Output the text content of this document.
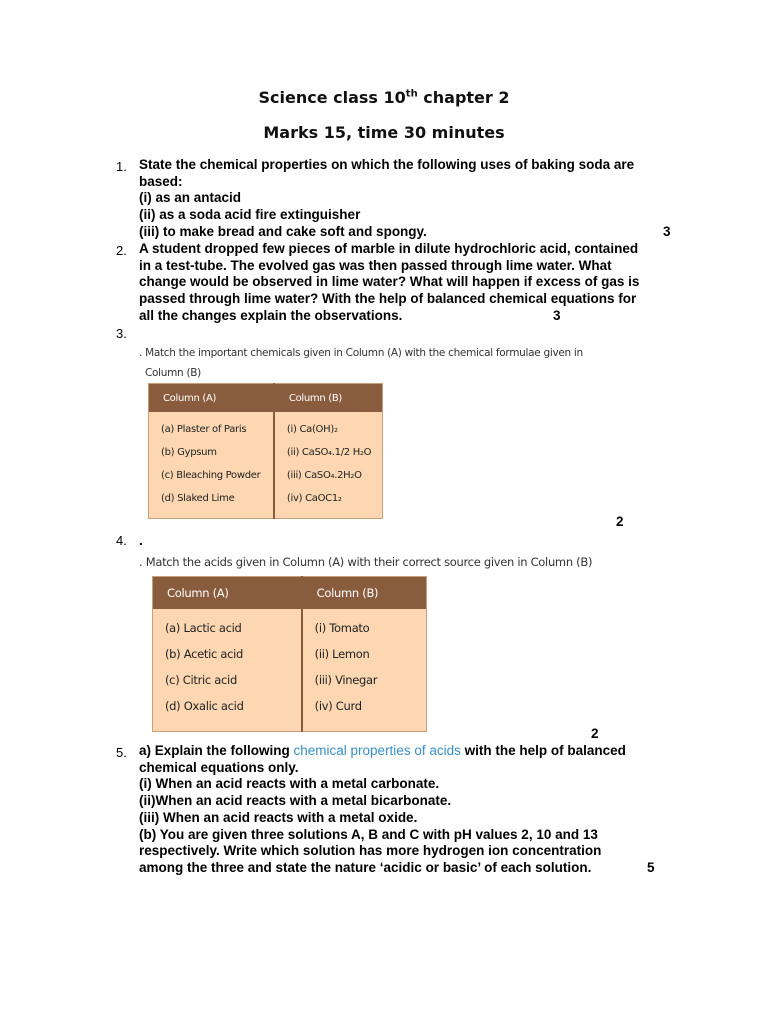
Science class 10th chapter 2
Marks 15, time 30 minutes
1. State the chemical properties on which the following uses of baking soda are
based:
(i) as an antacid
(ii) as a soda acid fire extinguisher
(iii) to make bread and cake soft and spongy.	3
2. A student dropped few pieces of marble in dilute hydrochloric acid, contained
in a test-tube. The evolved gas was then passed through lime water. What
change would be observed in lime water? What will happen if excess of gas is
passed through lime water? With the help of balanced chemical equations for
all the changes explain the observations.	3
3.
. Match the important chemicals given in Column (A) with the chemical formulae given in
Column (B)
Column (A)	Column (B)
(a) Plaster of Paris	(i) Ca(OH)₂
(b) Gypsum	(ii) CaSO₄.1/2 H₂O
(c) Bleaching Powder	(iii) CaSO₄.2H₂O
(d) Slaked Lime	(iv) CaOC1₂
2
4. .
. Match the acids given in Column (A) with their correct source given in Column (B)
Column (A)	Column (B)
(a) Lactic acid	(i) Tomato
(b) Acetic acid	(ii) Lemon
(c) Citric acid	(iii) Vinegar
(d) Oxalic acid	(iv) Curd
2
5. a) Explain the following chemical properties of acids with the help of balanced
chemical equations only.
(i) When an acid reacts with a metal carbonate.
(ii)When an acid reacts with a metal bicarbonate.
(iii) When an acid reacts with a metal oxide.
(b) You are given three solutions A, B and C with pH values 2, 10 and 13
respectively. Write which solution has more hydrogen ion concentration
among the three and state the nature ‘acidic or basic’ of each solution.	5
